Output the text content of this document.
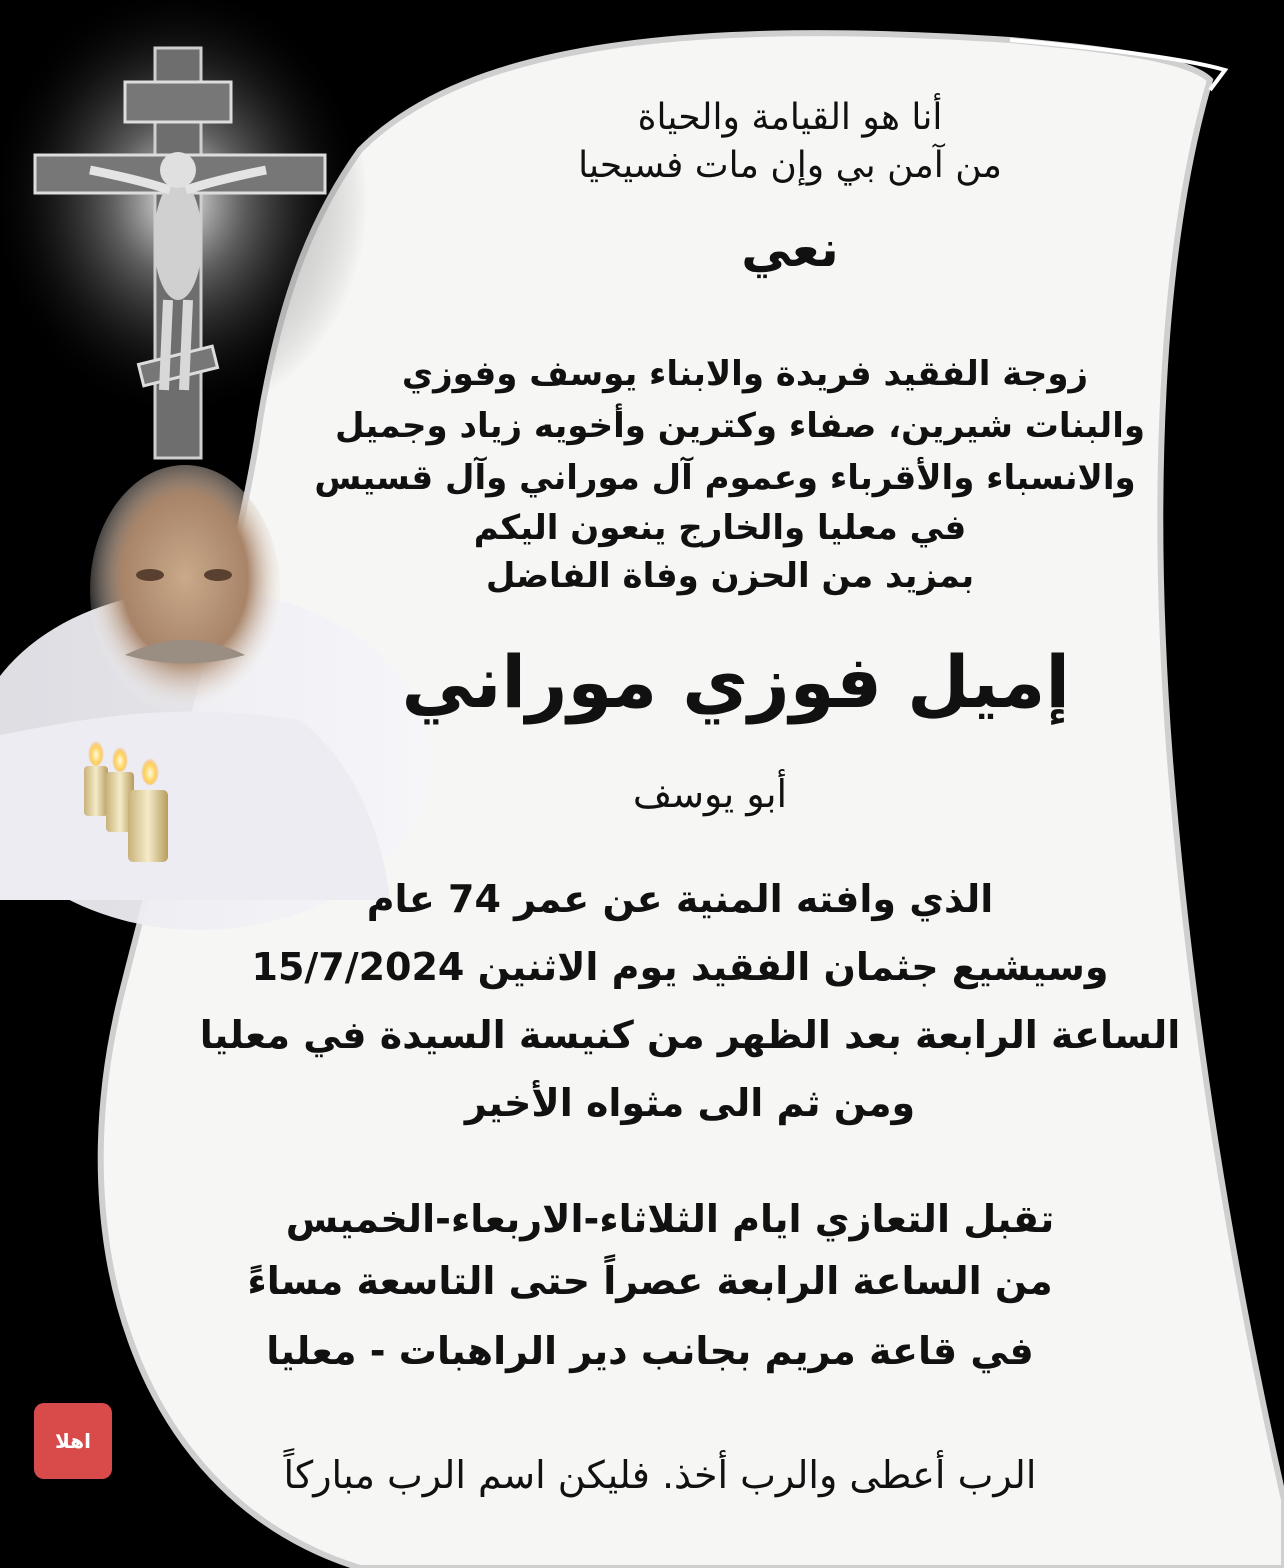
أنا هو القيامة والحياة
من آمن بي وإن مات فسيحيا
نعي
زوجة الفقيد فريدة والابناء يوسف وفوزي
والبنات شيرين، صفاء وكترين وأخويه زياد وجميل
والانسباء والأقرباء وعموم آل موراني وآل قسيس
في معليا والخارج ينعون اليكم
بمزيد من الحزن وفاة الفاضل
إميل فوزي موراني
أبو يوسف
الذي وافته المنية عن عمر 74 عام
وسيشيع جثمان الفقيد يوم الاثنين 15/7/2024
الساعة الرابعة بعد الظهر من كنيسة السيدة في معليا
ومن ثم الى مثواه الأخير
تقبل التعازي ايام الثلاثاء-الاربعاء-الخميس
من الساعة الرابعة عصراً حتى التاسعة مساءً
في قاعة مريم بجانب دير الراهبات - معليا
الرب أعطى والرب أخذ. فليكن اسم الرب مباركاً
اهلا
